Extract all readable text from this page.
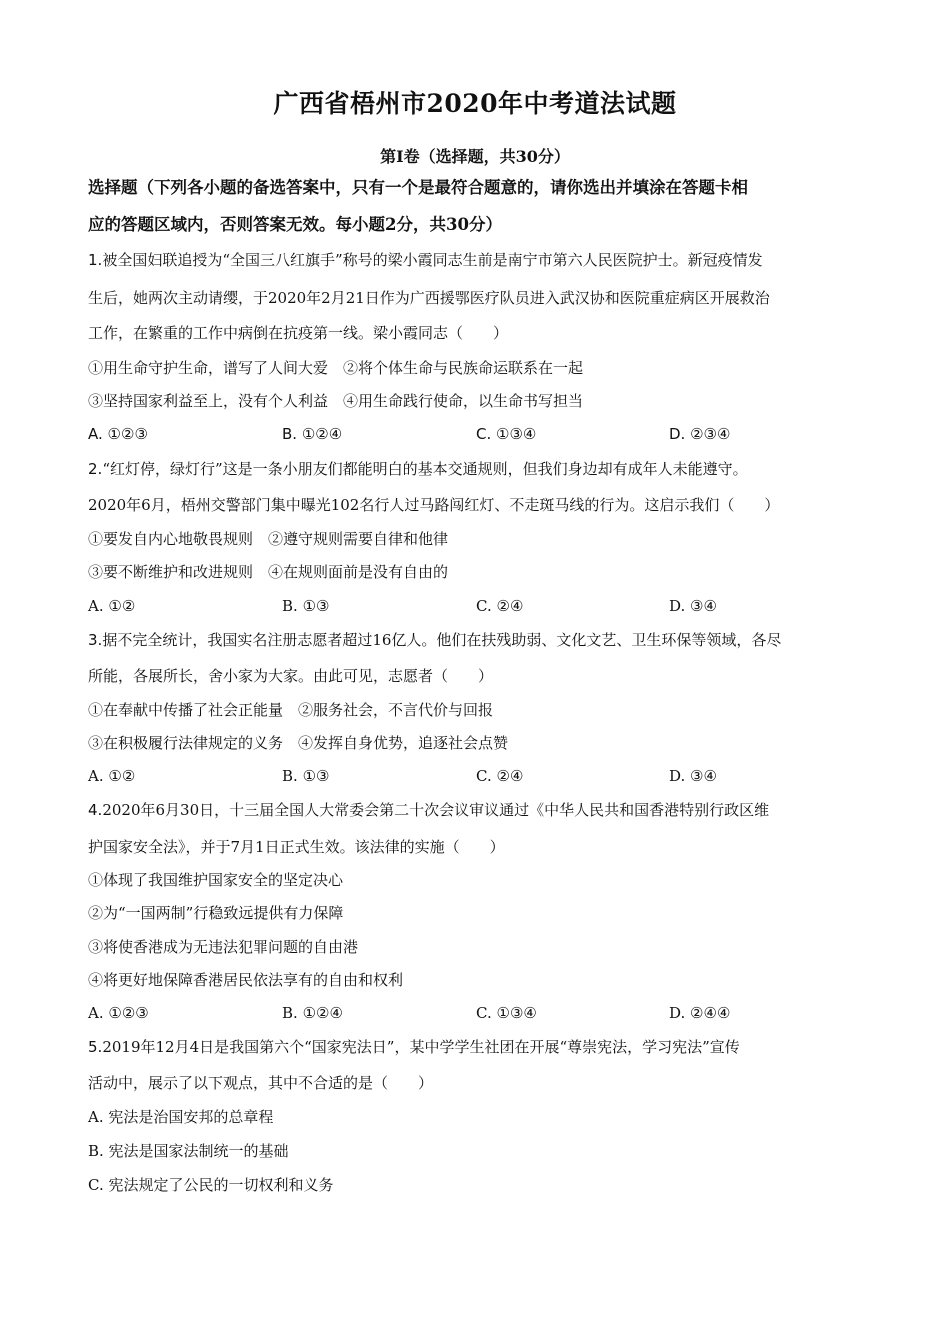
广西省梧州市2020年中考道法试题
第Ⅰ卷（选择题，共30分）
选择题（下列各小题的备选答案中，只有一个是最符合题意的，请你选出并填涂在答题卡相
应的答题区域内，否则答案无效。每小题2分，共30分）
1.被全国妇联追授为“全国三八红旗手”称号的梁小霞同志生前是南宁市第六人民医院护士。新冠疫情发
生后，她两次主动请缨，于2020年2月21日作为广西援鄂医疗队员进入武汉协和医院重症病区开展救治
工作，在繁重的工作中病倒在抗疫第一线。梁小霞同志（　　）
①用生命守护生命，谱写了人间大爱　②将个体生命与民族命运联系在一起
③坚持国家利益至上，没有个人利益　④用生命践行使命，以生命书写担当
A. ①②③	B. ①②④	C. ①③④	D. ②③④
2.“红灯停，绿灯行”这是一条小朋友们都能明白的基本交通规则，但我们身边却有成年人未能遵守。
2020年6月，梧州交警部门集中曝光102名行人过马路闯红灯、不走斑马线的行为。这启示我们（　　）
①要发自内心地敬畏规则　②遵守规则需要自律和他律
③要不断维护和改进规则　④在规则面前是没有自由的
A. ①②	B. ①③	C. ②④	D. ③④
3.据不完全统计，我国实名注册志愿者超过16亿人。他们在扶残助弱、文化文艺、卫生环保等领域，各尽
所能，各展所长，舍小家为大家。由此可见，志愿者（　　）
①在奉献中传播了社会正能量　②服务社会，不言代价与回报
③在积极履行法律规定的义务　④发挥自身优势，追逐社会点赞
A. ①②	B. ①③	C. ②④	D. ③④
4.2020年6月30日，十三届全国人大常委会第二十次会议审议通过《中华人民共和国香港特别行政区维
护国家安全法》，并于7月1日正式生效。该法律的实施（　　）
①体现了我国维护国家安全的坚定决心
②为“一国两制”行稳致远提供有力保障
③将使香港成为无违法犯罪问题的自由港
④将更好地保障香港居民依法享有的自由和权利
A. ①②③	B. ①②④	C. ①③④	D. ②④④
5.2019年12月4日是我国第六个“国家宪法日”，某中学学生社团在开展“尊崇宪法，学习宪法”宣传
活动中，展示了以下观点，其中不合适的是（　　）
A. 宪法是治国安邦的总章程
B. 宪法是国家法制统一的基础
C. 宪法规定了公民的一切权利和义务
